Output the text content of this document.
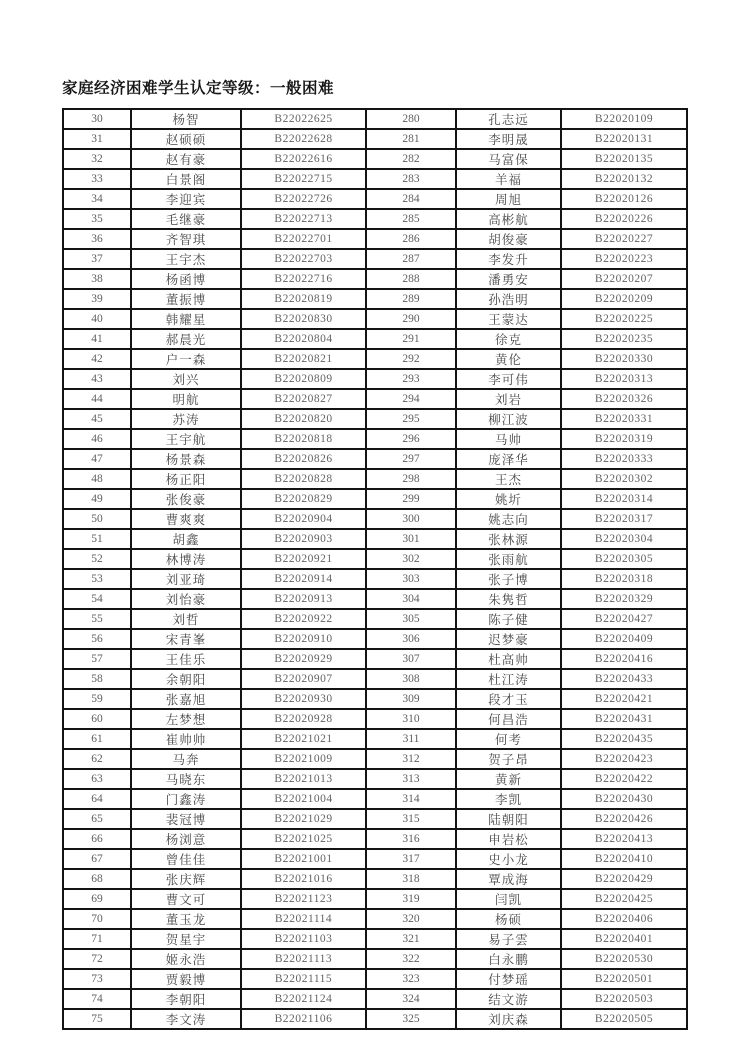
家庭经济困难学生认定等级：一般困难
30	杨智	B22022625	280	孔志远	B22020109
31	赵硕硕	B22022628	281	李明晟	B22020131
32	赵有豪	B22022616	282	马富保	B22020135
33	白景阁	B22022715	283	羊福	B22020132
34	李迎宾	B22022726	284	周旭	B22020126
35	毛继豪	B22022713	285	高彬航	B22020226
36	齐智琪	B22022701	286	胡俊豪	B22020227
37	王宇杰	B22022703	287	李发升	B22020223
38	杨函博	B22022716	288	潘勇安	B22020207
39	董振博	B22020819	289	孙浩明	B22020209
40	韩耀星	B22020830	290	王蒙达	B22020225
41	郝晨光	B22020804	291	徐克	B22020235
42	户一森	B22020821	292	黄伦	B22020330
43	刘兴	B22020809	293	李可伟	B22020313
44	明航	B22020827	294	刘岩	B22020326
45	苏涛	B22020820	295	柳江波	B22020331
46	王宇航	B22020818	296	马帅	B22020319
47	杨景森	B22020826	297	庞泽华	B22020333
48	杨正阳	B22020828	298	王杰	B22020302
49	张俊豪	B22020829	299	姚圻	B22020314
50	曹爽爽	B22020904	300	姚志向	B22020317
51	胡鑫	B22020903	301	张林源	B22020304
52	林博涛	B22020921	302	张雨航	B22020305
53	刘亚琦	B22020914	303	张子博	B22020318
54	刘怡豪	B22020913	304	朱隽哲	B22020329
55	刘哲	B22020922	305	陈子健	B22020427
56	宋青峯	B22020910	306	迟梦豪	B22020409
57	王佳乐	B22020929	307	杜高帅	B22020416
58	余朝阳	B22020907	308	杜江涛	B22020433
59	张嘉旭	B22020930	309	段才玉	B22020421
60	左梦想	B22020928	310	何昌浩	B22020431
61	崔帅帅	B22021021	311	何考	B22020435
62	马奔	B22021009	312	贺子昂	B22020423
63	马晓东	B22021013	313	黄新	B22020422
64	门鑫涛	B22021004	314	李凯	B22020430
65	裴冠博	B22021029	315	陆朝阳	B22020426
66	杨浏意	B22021025	316	申岩松	B22020413
67	曾佳佳	B22021001	317	史小龙	B22020410
68	张庆辉	B22021016	318	覃成海	B22020429
69	曹文可	B22021123	319	闫凯	B22020425
70	董玉龙	B22021114	320	杨硕	B22020406
71	贺星宇	B22021103	321	易子雲	B22020401
72	姬永浩	B22021113	322	白永鹏	B22020530
73	贾毅博	B22021115	323	付梦瑶	B22020501
74	李朝阳	B22021124	324	结文游	B22020503
75	李文涛	B22021106	325	刘庆森	B22020505
